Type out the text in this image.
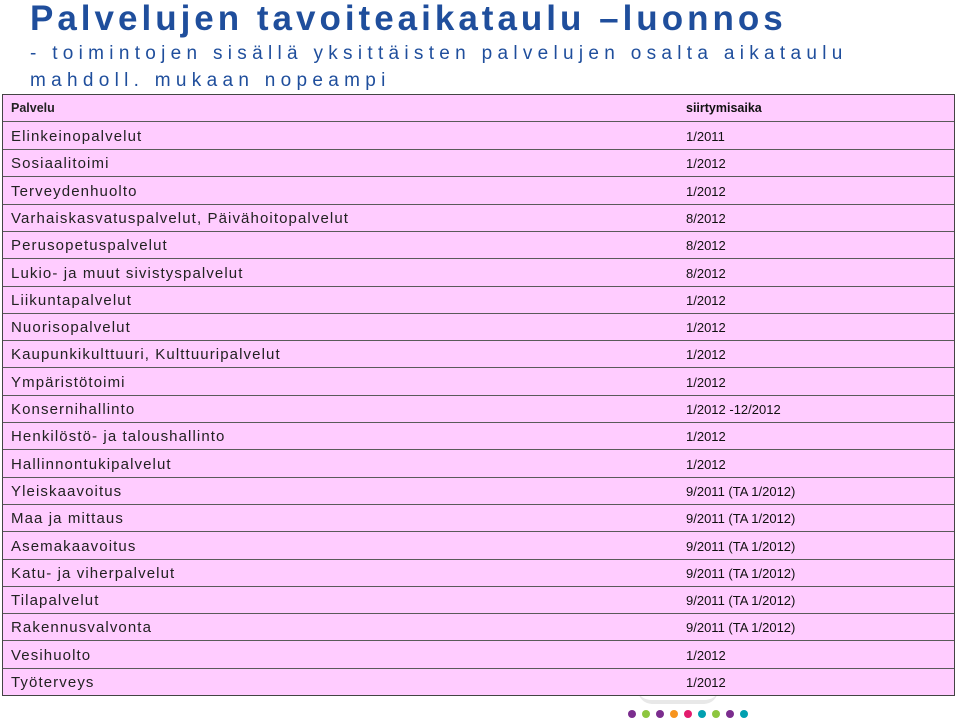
Palvelujen tavoiteaikataulu –luonnos
- toimintojen sisällä yksittäisten palvelujen osalta aikataulu mahdoll. mukaan nopeampi
Palvelu	siirtymisaika
Elinkeinopalvelut	1/2011
Sosiaalitoimi	1/2012
Terveydenhuolto	1/2012
Varhaiskasvatuspalvelut, Päivähoitopalvelut	8/2012
Perusopetuspalvelut	8/2012
Lukio- ja muut sivistyspalvelut	8/2012
Liikuntapalvelut	1/2012
Nuorisopalvelut	1/2012
Kaupunkikulttuuri, Kulttuuripalvelut	1/2012
Ympäristötoimi	1/2012
Konsernihallinto	1/2012 -12/2012
Henkilöstö- ja taloushallinto	1/2012
Hallinnontukipalvelut	1/2012
Yleiskaavoitus	9/2011 (TA 1/2012)
Maa ja mittaus	9/2011 (TA 1/2012)
Asemakaavoitus	9/2011 (TA 1/2012)
Katu- ja viherpalvelut	9/2011 (TA 1/2012)
Tilapalvelut	9/2011 (TA 1/2012)
Rakennusvalvonta	9/2011 (TA 1/2012)
Vesihuolto	1/2012
Työterveys	1/2012
